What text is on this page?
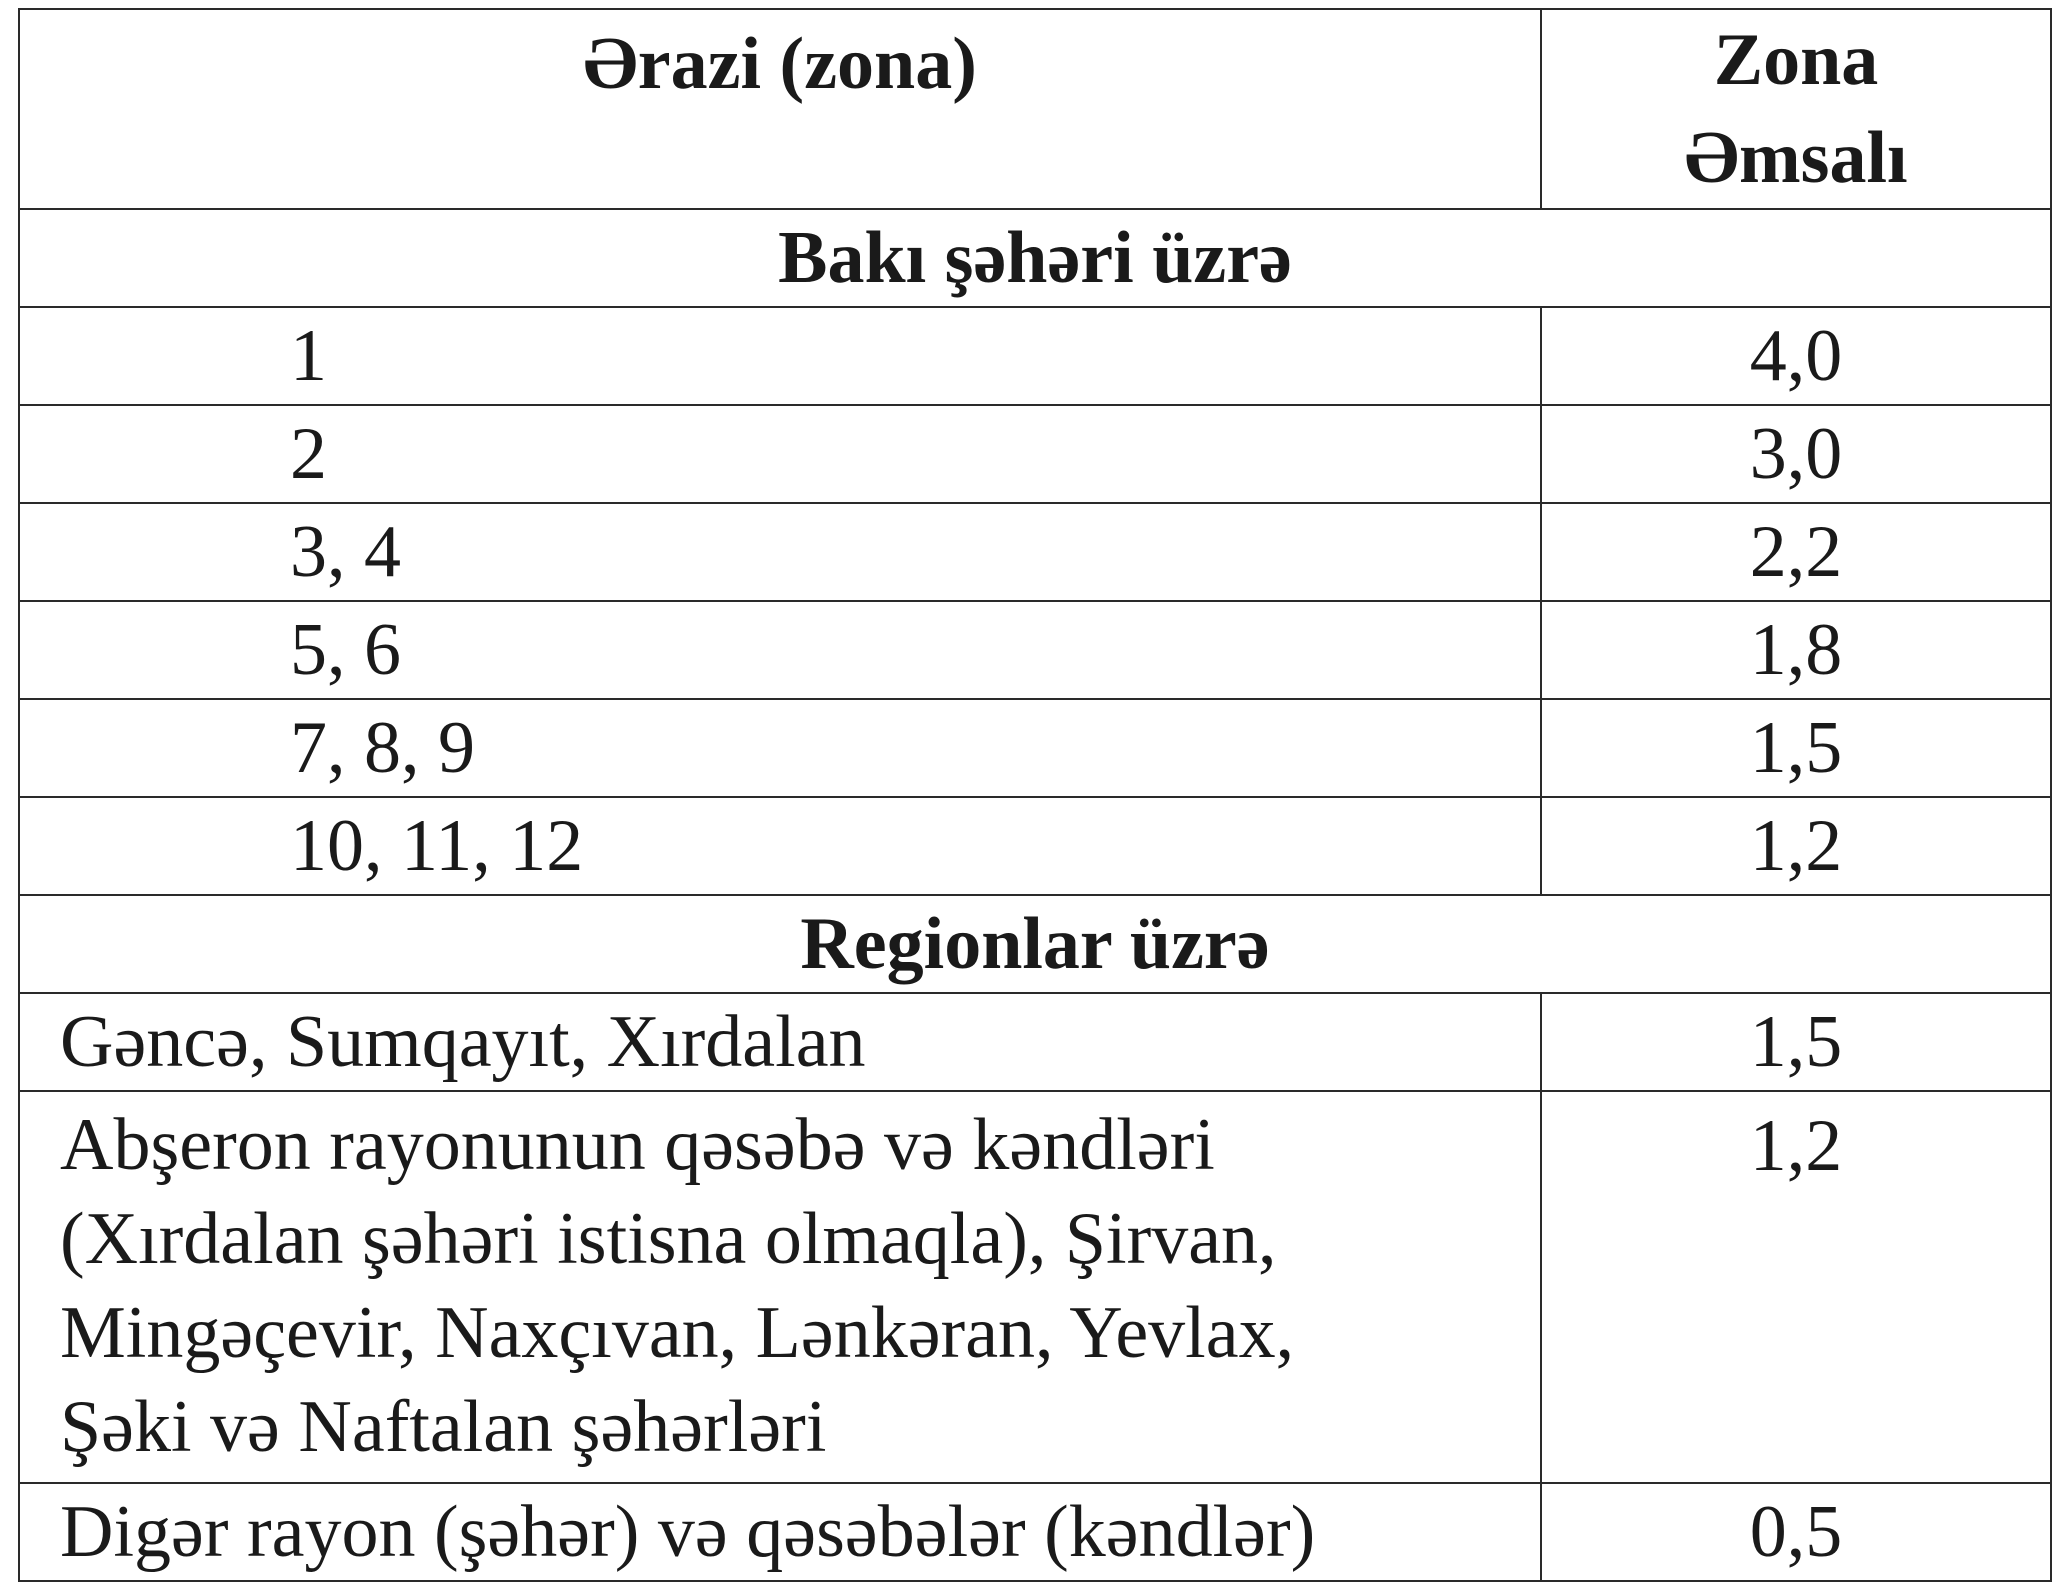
Ərazi (zona)	Zona
Əmsalı

Bakı şəhəri üzrə	
1	4,0
2	3,0
3, 4	2,2
5, 6	1,8
7, 8, 9	1,5
10, 11, 12	1,2
Regionlar üzrə	
Gəncə, Sumqayıt, Xırdalan	1,5

Abşeron rayonunun qəsəbə və kəndləri
(Xırdalan şəhəri istisna olmaqla), Şirvan,
Mingəçevir, Naxçıvan, Lənkəran, Yevlax,
Şəki və Naftalan şəhərləri	1,2
Digər rayon (şəhər) və qəsəbələr (kəndlər)	0,5
